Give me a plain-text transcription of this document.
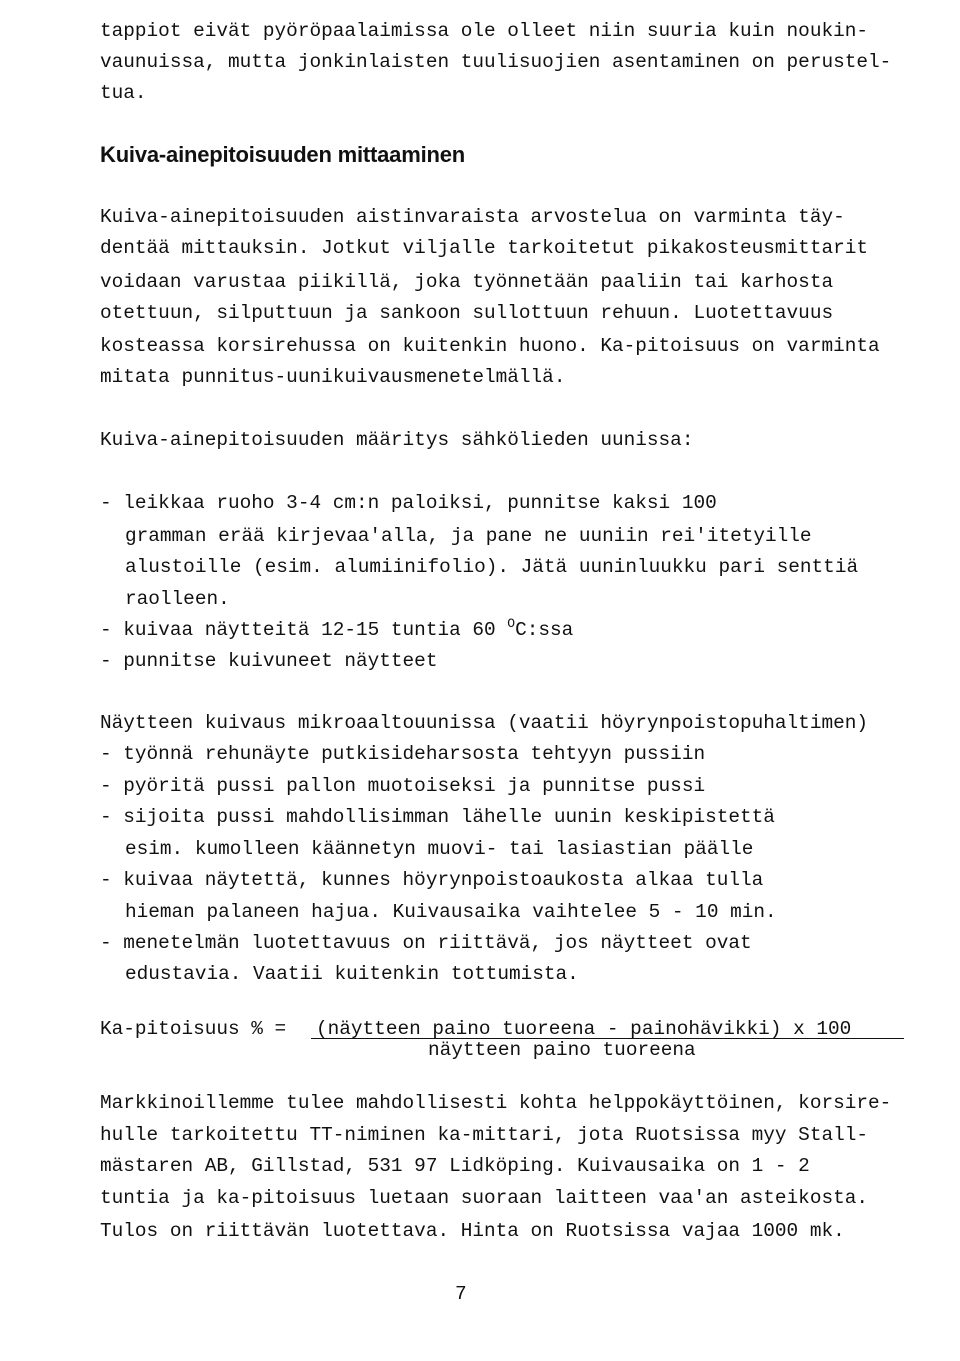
tappiot eivät pyöröpaalaimissa ole olleet niin suuria kuin noukin-
vaunuissa, mutta jonkinlaisten tuulisuojien asentaminen on perustel-
tua.
Kuiva-ainepitoisuuden mittaaminen
Kuiva-ainepitoisuuden aistinvaraista arvostelua on varminta täy-
dentää mittauksin. Jotkut viljalle tarkoitetut pikakosteusmittarit
voidaan varustaa piikillä, joka työnnetään paaliin tai karhosta
otettuun, silputtuun ja sankoon sullottuun rehuun. Luotettavuus
kosteassa korsirehussa on kuitenkin huono. Ka-pitoisuus on varminta
mitata punnitus-uunikuivausmenetelmällä.
Kuiva-ainepitoisuuden määritys sähkölieden uunissa:
- leikkaa ruoho 3-4 cm:n paloiksi, punnitse kaksi 100
gramman erää kirjevaa'alla, ja pane ne uuniin rei'itetyille
alustoille (esim. alumiinifolio). Jätä uuninluukku pari senttiä
raolleen.
- kuivaa näytteitä 12-15 tuntia 60 $^O$C:ssa
- punnitse kuivuneet näytteet
Näytteen kuivaus mikroaaltouunissa (vaatii höyrynpoistopuhaltimen)
- työnnä rehunäyte putkisideharsosta tehtyyn pussiin
- pyöritä pussi pallon muotoiseksi ja punnitse pussi
- sijoita pussi mahdollisimman lähelle uunin keskipistettä
esim. kumolleen käännetyn muovi- tai lasiastian päälle
- kuivaa näytettä, kunnes höyrynpoistoaukosta alkaa tulla
hieman palaneen hajua. Kuivausaika vaihtelee 5 - 10 min.
- menetelmän luotettavuus on riittävä, jos näytteet ovat
edustavia. Vaatii kuitenkin tottumista.
Ka-pitoisuus % = (näytteen paino tuoreena - painohävikki) x 100
näytteen paino tuoreena
Markkinoillemme tulee mahdollisesti kohta helppokäyttöinen, korsire-
hulle tarkoitettu TT-niminen ka-mittari, jota Ruotsissa myy Stall-
mästaren AB, Gillstad, 531 97 Lidköping. Kuivausaika on 1 - 2
tuntia ja ka-pitoisuus luetaan suoraan laitteen vaa'an asteikosta.
Tulos on riittävän luotettava. Hinta on Ruotsissa vajaa 1000 mk.
7
